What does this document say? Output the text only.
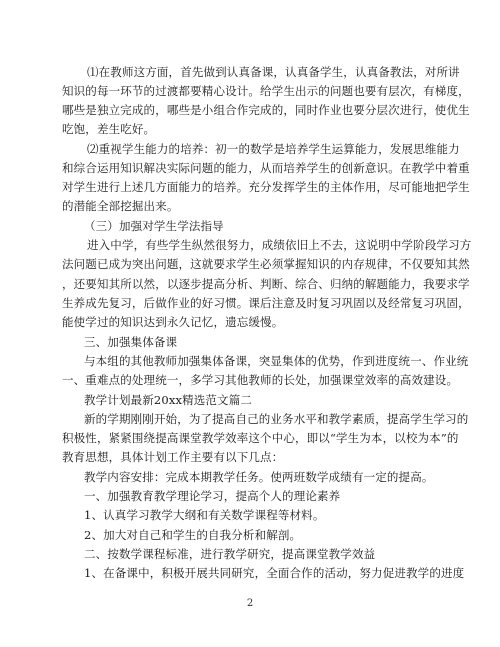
⑴在教师这方面，首先做到认真备课，认真备学生，认真备教法，对所讲
知识的每一环节的过渡都要精心设计。给学生出示的问题也要有层次，有梯度，
哪些是独立完成的，哪些是小组合作完成的，同时作业也要分层次进行，使优生
吃饱，差生吃好。
⑵重视学生能力的培养：初一的数学是培养学生运算能力，发展思维能力
和综合运用知识解决实际问题的能力，从而培养学生的创新意识。在教学中着重
对学生进行上述几方面能力的培养。充分发挥学生的主体作用，尽可能地把学生
的潜能全部挖掘出来。
（三）加强对学生学法指导
进入中学，有些学生纵然很努力，成绩依旧上不去，这说明中学阶段学习方
法问题已成为突出问题，这就要求学生必须掌握知识的内存规律，不仅要知其然
，还要知其所以然，以逐步提高分析、判断、综合、归纳的解题能力，我要求学
生养成先复习，后做作业的好习惯。课后注意及时复习巩固以及经常复习巩固，
能使学过的知识达到永久记忆，遗忘缓慢。
三、加强集体备课
与本组的其他教师加强集体备课，突显集体的优势，作到进度统一、作业统
一、重难点的处理统一，多学习其他教师的长处，加强课堂效率的高效建设。
教学计划最新20xx精选范文篇二
新的学期刚刚开始，为了提高自己的业务水平和教学素质，提高学生学习的
积极性，紧紧围绕提高课堂教学效率这个中心，即以“学生为本，以校为本”的
教育思想，具体计划工作主要有以下几点：
教学内容安排：完成本期教学任务。使两班数学成绩有一定的提高。
一、加强教育教学理论学习，提高个人的理论素养
1、认真学习教学大纲和有关数学课程等材料。
2、加大对自己和学生的自我分析和解剖。
二、按数学课程标准，进行教学研究，提高课堂教学效益
1、在备课中，积极开展共同研究，全面合作的活动，努力促进教学的进度
2
